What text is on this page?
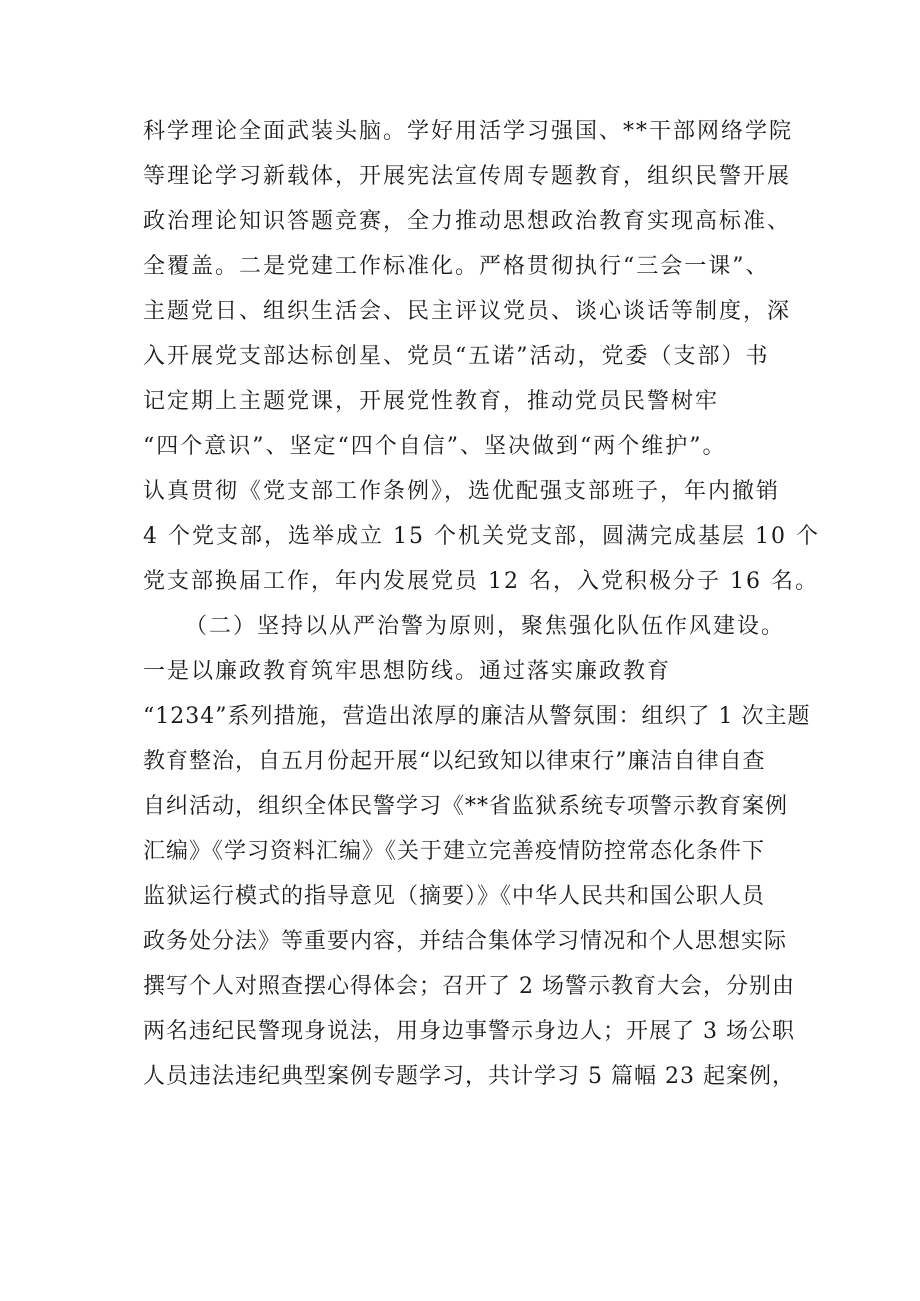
科学理论全面武装头脑。学好用活学习强国、**干部网络学院
等理论学习新载体，开展宪法宣传周专题教育，组织民警开展
政治理论知识答题竞赛，全力推动思想政治教育实现高标准、
全覆盖。二是党建工作标准化。严格贯彻执行“三会一课”、
主题党日、组织生活会、民主评议党员、谈心谈话等制度，深
入开展党支部达标创星、党员“五诺”活动，党委（支部）书
记定期上主题党课，开展党性教育，推动党员民警树牢
“四个意识”、坚定“四个自信”、坚决做到“两个维护”。
认真贯彻《党支部工作条例》，选优配强支部班子，年内撤销
4 个党支部，选举成立 15 个机关党支部，圆满完成基层 10 个
党支部换届工作，年内发展党员 12 名，入党积极分子 16 名。
（二）坚持以从严治警为原则，聚焦强化队伍作风建设。
一是以廉政教育筑牢思想防线。通过落实廉政教育
“1234”系列措施，营造出浓厚的廉洁从警氛围：组织了 1 次主题
教育整治，自五月份起开展“以纪致知以律束行”廉洁自律自查
自纠活动，组织全体民警学习《**省监狱系统专项警示教育案例
汇编》《学习资料汇编》《关于建立完善疫情防控常态化条件下
监狱运行模式的指导意见（摘要）》《中华人民共和国公职人员
政务处分法》等重要内容，并结合集体学习情况和个人思想实际
撰写个人对照查摆心得体会；召开了 2 场警示教育大会，分别由
两名违纪民警现身说法，用身边事警示身边人；开展了 3 场公职
人员违法违纪典型案例专题学习，共计学习 5 篇幅 23 起案例，
